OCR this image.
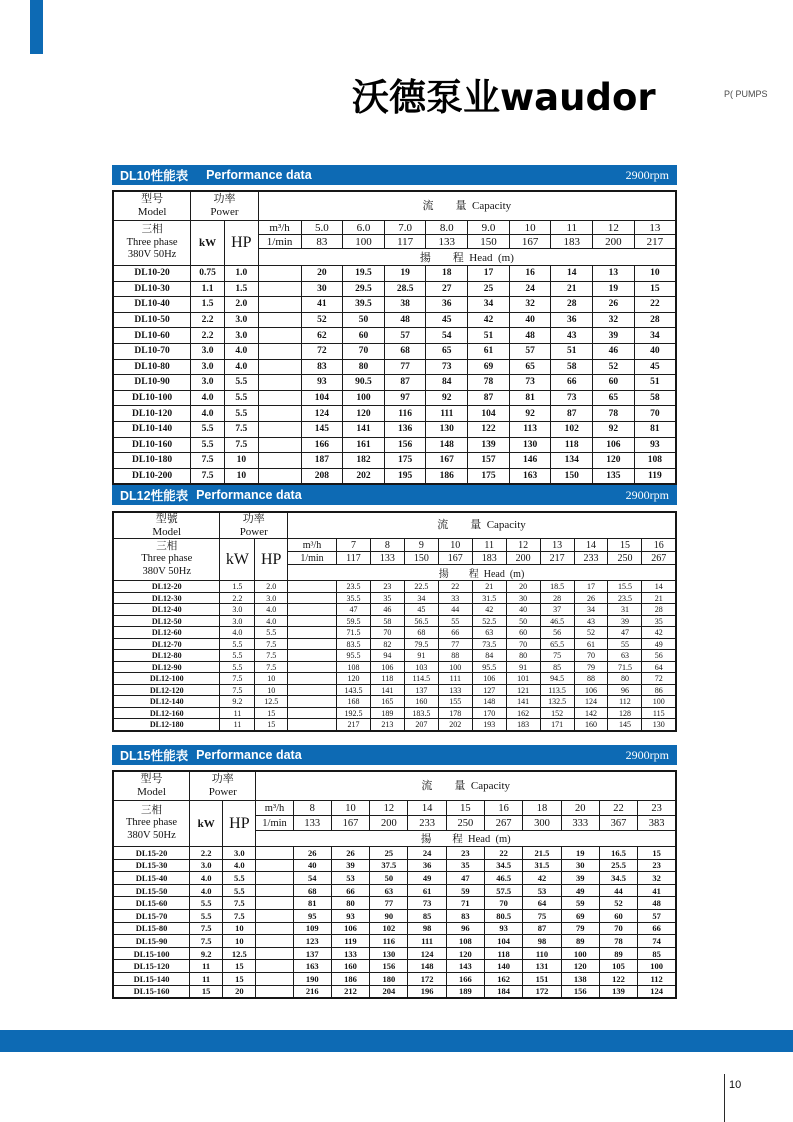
沃德泵业waudor	P( PUMPS
DL10性能表 Performance data	2900rpm
型号
Model

功率
Power
	流        量  Capacity

三相
Three phase
380V 50Hz	kW	HP	m³/h	5.0	6.0	7.0	8.0	9.0	10	11	12	13
			1/min	83	100	117	133	150	167	183	200	217
			揚        程  Head  (m)									
DL10-20	0.75	1.0		20	19.5	19	18	17	16	14	13	10
DL10-30	1.1	1.5		30	29.5	28.5	27	25	24	21	19	15
DL10-40	1.5	2.0		41	39.5	38	36	34	32	28	26	22
DL10-50	2.2	3.0		52	50	48	45	42	40	36	32	28
DL10-60	2.2	3.0		62	60	57	54	51	48	43	39	34
DL10-70	3.0	4.0		72	70	68	65	61	57	51	46	40
DL10-80	3.0	4.0		83	80	77	73	69	65	58	52	45
DL10-90	3.0	5.5		93	90.5	87	84	78	73	66	60	51
DL10-100	4.0	5.5		104	100	97	92	87	81	73	65	58
DL10-120	4.0	5.5		124	120	116	111	104	92	87	78	70
DL10-140	5.5	7.5		145	141	136	130	122	113	102	92	81
DL10-160	5.5	7.5		166	161	156	148	139	130	118	106	93
DL10-180	7.5	10		187	182	175	167	157	146	134	120	108
DL10-200	7.5	10		208	202	195	186	175	163	150	135	119
DL12性能表 Performance data	2900rpm
型號
Model

功率
Power
	流        量  Capacity

三相
Three phase
380V 50Hz	kW	HP	m³/h	7	8	9	10	11	12	13	14	15	16
			1/min	117	133	150	167	183	200	217	233	250	267
			揚        程  Head  (m)										
DL12-20	1.5	2.0		23.5	23	22.5	22	21	20	18.5	17	15.5	14
DL12-30	2.2	3.0		35.5	35	34	33	31.5	30	28	26	23.5	21
DL12-40	3.0	4.0		47	46	45	44	42	40	37	34	31	28
DL12-50	3.0	4.0		59.5	58	56.5	55	52.5	50	46.5	43	39	35
DL12-60	4.0	5.5		71.5	70	68	66	63	60	56	52	47	42
DL12-70	5.5	7.5		83.5	82	79.5	77	73.5	70	65.5	61	55	49
DL12-80	5.5	7.5		95.5	94	91	88	84	80	75	70	63	56
DL12-90	5.5	7.5		108	106	103	100	95.5	91	85	79	71.5	64
DL12-100	7.5	10		120	118	114.5	111	106	101	94.5	88	80	72
DL12-120	7.5	10		143.5	141	137	133	127	121	113.5	106	96	86
DL12-140	9.2	12.5		168	165	160	155	148	141	132.5	124	112	100
DL12-160	11	15		192.5	189	183.5	178	170	162	152	142	128	115
DL12-180	11	15		217	213	207	202	193	183	171	160	145	130
DL15性能表 Performance data	2900rpm
型号
Model

功率
Power
	流        量  Capacity

三相
Three phase
380V 50Hz	kW	HP	m³/h	8	10	12	14	15	16	18	20	22	23
			1/min	133	167	200	233	250	267	300	333	367	383
			揚        程  Head  (m)										
DL15-20	2.2	3.0		26	26	25	24	23	22	21.5	19	16.5	15
DL15-30	3.0	4.0		40	39	37.5	36	35	34.5	31.5	30	25.5	23
DL15-40	4.0	5.5		54	53	50	49	47	46.5	42	39	34.5	32
DL15-50	4.0	5.5		68	66	63	61	59	57.5	53	49	44	41
DL15-60	5.5	7.5		81	80	77	73	71	70	64	59	52	48
DL15-70	5.5	7.5		95	93	90	85	83	80.5	75	69	60	57
DL15-80	7.5	10		109	106	102	98	96	93	87	79	70	66
DL15-90	7.5	10		123	119	116	111	108	104	98	89	78	74
DL15-100	9.2	12.5		137	133	130	124	120	118	110	100	89	85
DL15-120	11	15		163	160	156	148	143	140	131	120	105	100
DL15-140	11	15		190	186	180	172	166	162	151	138	122	112
DL15-160	15	20		216	212	204	196	189	184	172	156	139	124
10
